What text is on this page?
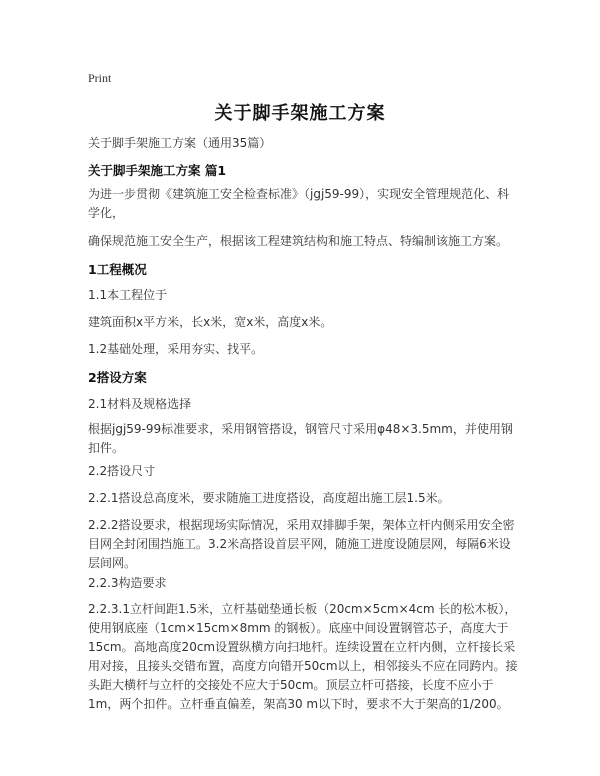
Print
关于脚手架施工方案
关于脚手架施工方案（通用35篇）
关于脚手架施工方案 篇1
为进一步贯彻《建筑施工安全检查标准》（jgj59-99），实现安全管理规范化、科学化，
确保规范施工安全生产，根据该工程建筑结构和施工特点、特编制该施工方案。
1工程概况
1.1本工程位于
建筑面积x平方米，长x米，宽x米，高度x米。
1.2基础处理，采用夯实、找平。
2搭设方案
2.1材料及规格选择
根据jgj59-99标准要求，采用钢管搭设，钢管尺寸采用φ48×3.5mm，并使用钢扣件。
2.2搭设尺寸
2.2.1搭设总高度米，要求随施工进度搭设，高度超出施工层1.5米。
2.2.2搭设要求，根据现场实际情况，采用双排脚手架，架体立杆内侧采用安全密目网全封闭围挡施工。3.2米高搭设首层平网，随施工进度设随层网，每隔6米设层间网。
2.2.3构造要求
2.2.3.1立杆间距1.5米，立杆基础垫通长板（20cm×5cm×4cm 长的松木板），使用钢底座（1cm×15cm×8mm 的钢板）。底座中间设置钢管芯子，高度大于15cm。高地高度20cm设置纵横方向扫地杆。连续设置在立杆内侧，立杆接长采用对接，且接头交错布置，高度方向错开50cm以上，相邻接头不应在同跨内。接头距大横杆与立杆的交接处不应大于50cm。顶层立杆可搭接，长度不应小于1m，两个扣件。立杆垂直偏差，架高30 m以下时，要求不大于架高的1/200。
